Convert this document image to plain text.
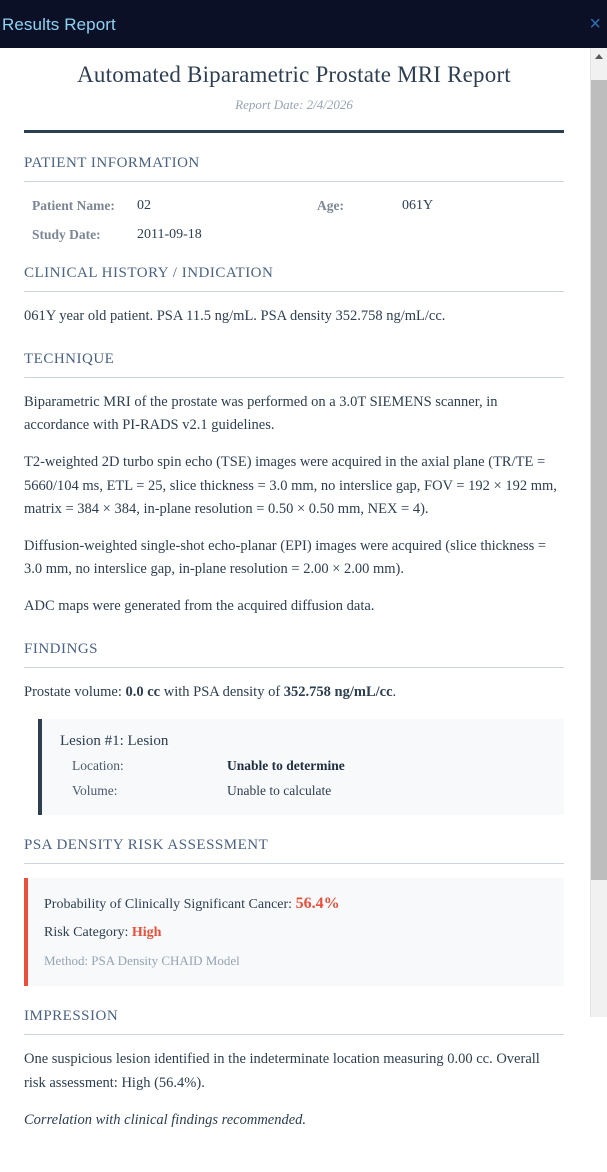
Results Report	×
Automated Biparametric Prostate MRI Report

Report Date: 2/4/2026

PATIENT INFORMATION
Patient Name:	02	Age:	061Y
Study Date:	2011-09-18
CLINICAL HISTORY / INDICATION

061Y year old patient. PSA 11.5 ng/mL. PSA density 352.758 ng/mL/cc.

TECHNIQUE

Biparametric MRI of the prostate was performed on a 3.0T SIEMENS scanner, in accordance with PI-RADS v2.1 guidelines.

T2-weighted 2D turbo spin echo (TSE) images were acquired in the axial plane (TR/TE = 5660/104 ms, ETL = 25, slice thickness = 3.0 mm, no interslice gap, FOV = 192 × 192 mm, matrix = 384 × 384, in-plane resolution = 0.50 × 0.50 mm, NEX = 4).

Diffusion-weighted single-shot echo-planar (EPI) images were acquired (slice thickness = 3.0 mm, no interslice gap, in-plane resolution = 2.00 × 2.00 mm).

ADC maps were generated from the acquired diffusion data.

FINDINGS

Prostate volume: 0.0 cc with PSA density of 352.758 ng/mL/cc.

Lesion #1: Lesion
Location:	Unable to determine
Volume:	Unable to calculate
PSA DENSITY RISK ASSESSMENT

Probability of Clinically Significant Cancer: 56.4%

Risk Category: High

Method: PSA Density CHAID Model

IMPRESSION

One suspicious lesion identified in the indeterminate location measuring 0.00 cc. Overall risk assessment: High (56.4%).

Correlation with clinical findings recommended.
